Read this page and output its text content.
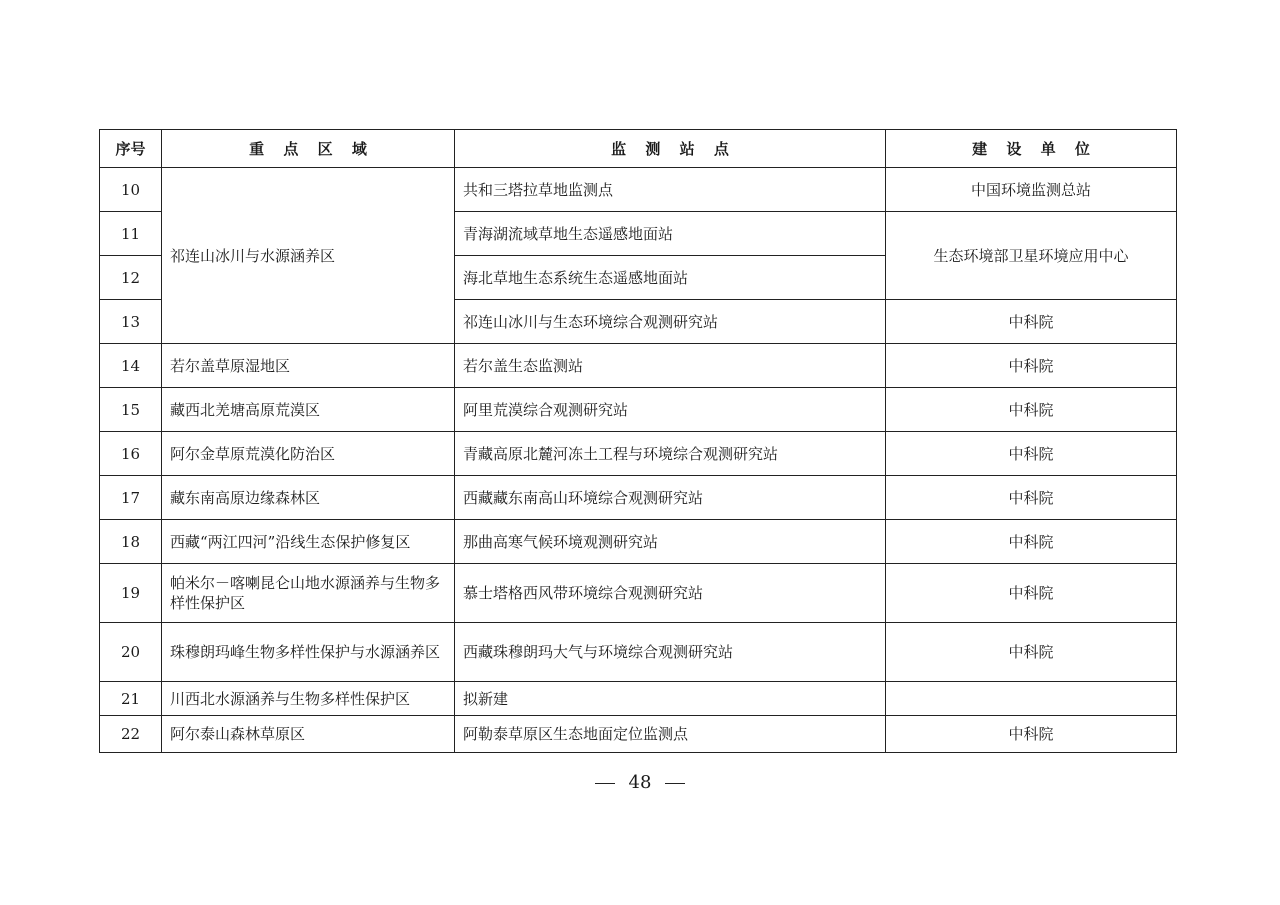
序号	重 点 区 域	监 测 站 点	建 设 单 位
10	祁连山冰川与水源涵养区	共和三塔拉草地监测点	中国环境监测总站
11		青海湖流域草地生态遥感地面站	生态环境部卫星环境应用中心
12		海北草地生态系统生态遥感地面站	
13		祁连山冰川与生态环境综合观测研究站	中科院
14	若尔盖草原湿地区	若尔盖生态监测站	中科院
15	藏西北羌塘高原荒漠区	阿里荒漠综合观测研究站	中科院
16	阿尔金草原荒漠化防治区	青藏高原北麓河冻土工程与环境综合观测研究站	中科院
17	藏东南高原边缘森林区	西藏藏东南高山环境综合观测研究站	中科院
18	西藏“两江四河”沿线生态保护修复区	那曲高寒气候环境观测研究站	中科院
19	帕米尔－喀喇昆仑山地水源涵养与生物多样性保护区	慕士塔格西风带环境综合观测研究站	中科院
20	珠穆朗玛峰生物多样性保护与水源涵养区	西藏珠穆朗玛大气与环境综合观测研究站	中科院
21	川西北水源涵养与生物多样性保护区	拟新建	
22	阿尔泰山森林草原区	阿勒泰草原区生态地面定位监测点	中科院
48
